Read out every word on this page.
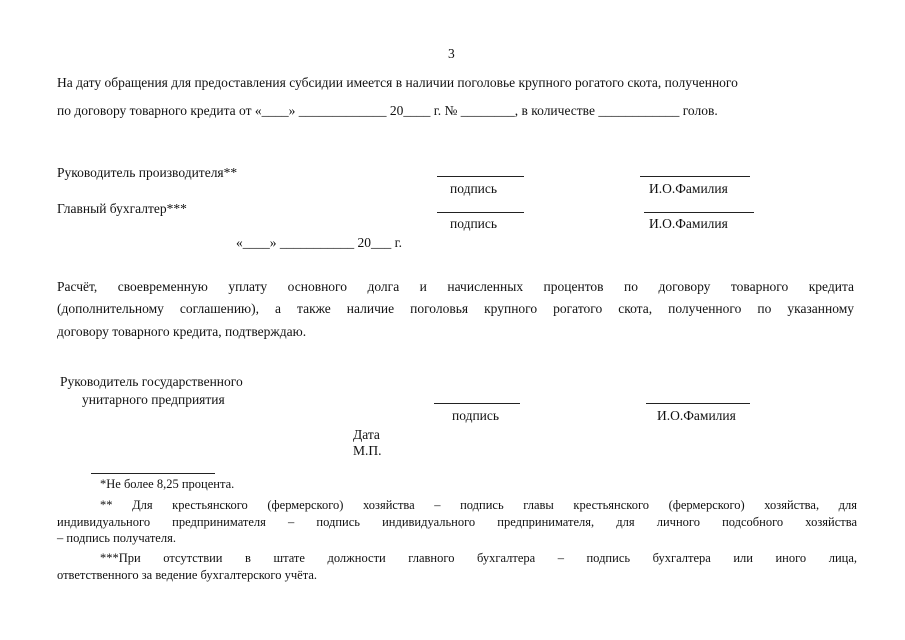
3
На дату обращения для предоставления субсидии имеется в наличии поголовье крупного рогатого скота, полученного
по договору товарного кредита от «____» _____________ 20____ г. № ________, в количестве ____________ голов.
Руководитель производителя**
подпись	И.О.Фамилия
Главный бухгалтер***
подпись	И.О.Фамилия
«____» ___________ 20___ г.
Расчёт, своевременную уплату основного долга и начисленных процентов по договору товарного кредита
(дополнительному соглашению), а также наличие поголовья крупного рогатого скота, полученного по указанному
договору товарного кредита, подтверждаю.
Руководитель государственного
унитарного предприятия
подпись	И.О.Фамилия
Дата
М.П.
*Не более 8,25 процента.
** Для крестьянского (фермерского) хозяйства – подпись главы крестьянского (фермерского) хозяйства, для
индивидуального предпринимателя – подпись индивидуального предпринимателя, для личного подсобного хозяйства
– подпись получателя.
***При отсутствии в штате должности главного бухгалтера – подпись бухгалтера или иного лица,
ответственного за ведение бухгалтерского учёта.
